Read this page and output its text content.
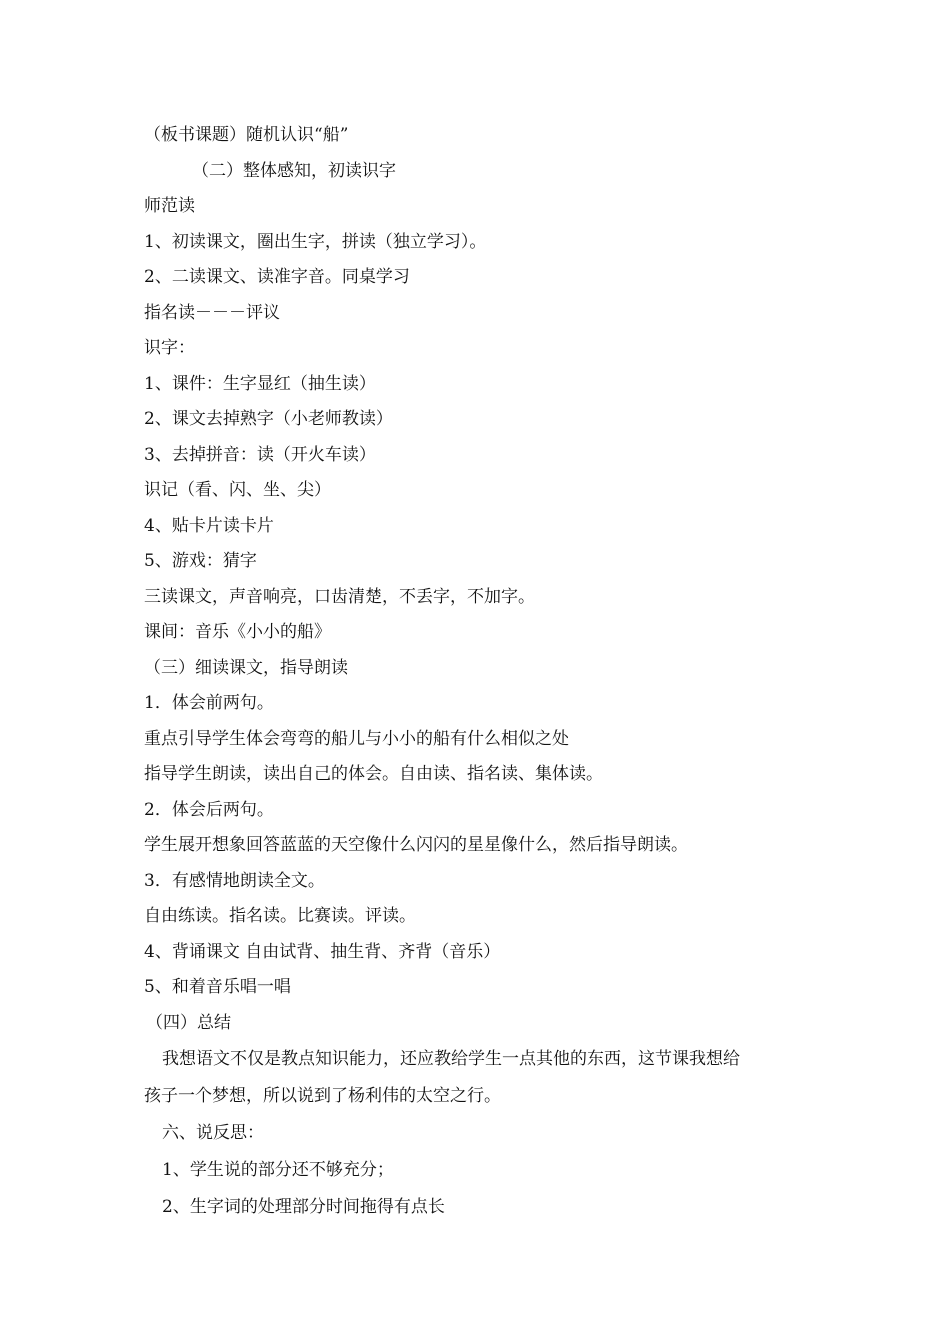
（板书课题）随机认识“船”
（二）整体感知，初读识字
师范读
1、初读课文，圈出生字，拼读（独立学习）。
2、二读课文、读准字音。同桌学习
指名读－－－评议
识字：
1、课件：生字显红（抽生读）
2、课文去掉熟字（小老师教读）
3、去掉拼音：读（开火车读）
识记（看、闪、坐、尖）
4、贴卡片读卡片
5、游戏：猜字
三读课文，声音响亮，口齿清楚，不丢字，不加字。
课间：音乐《小小的船》
（三）细读课文，指导朗读
1．体会前两句。
重点引导学生体会弯弯的船儿与小小的船有什么相似之处
指导学生朗读，读出自己的体会。自由读、指名读、集体读。
2．体会后两句。
学生展开想象回答蓝蓝的天空像什么闪闪的星星像什么，然后指导朗读。
3．有感情地朗读全文。
自由练读。指名读。比赛读。评读。
4、背诵课文 自由试背、抽生背、齐背（音乐）
5、和着音乐唱一唱
（四）总结
我想语文不仅是教点知识能力，还应教给学生一点其他的东西，这节课我想给
孩子一个梦想，所以说到了杨利伟的太空之行。
六、说反思：
1、学生说的部分还不够充分；
2、生字词的处理部分时间拖得有点长
